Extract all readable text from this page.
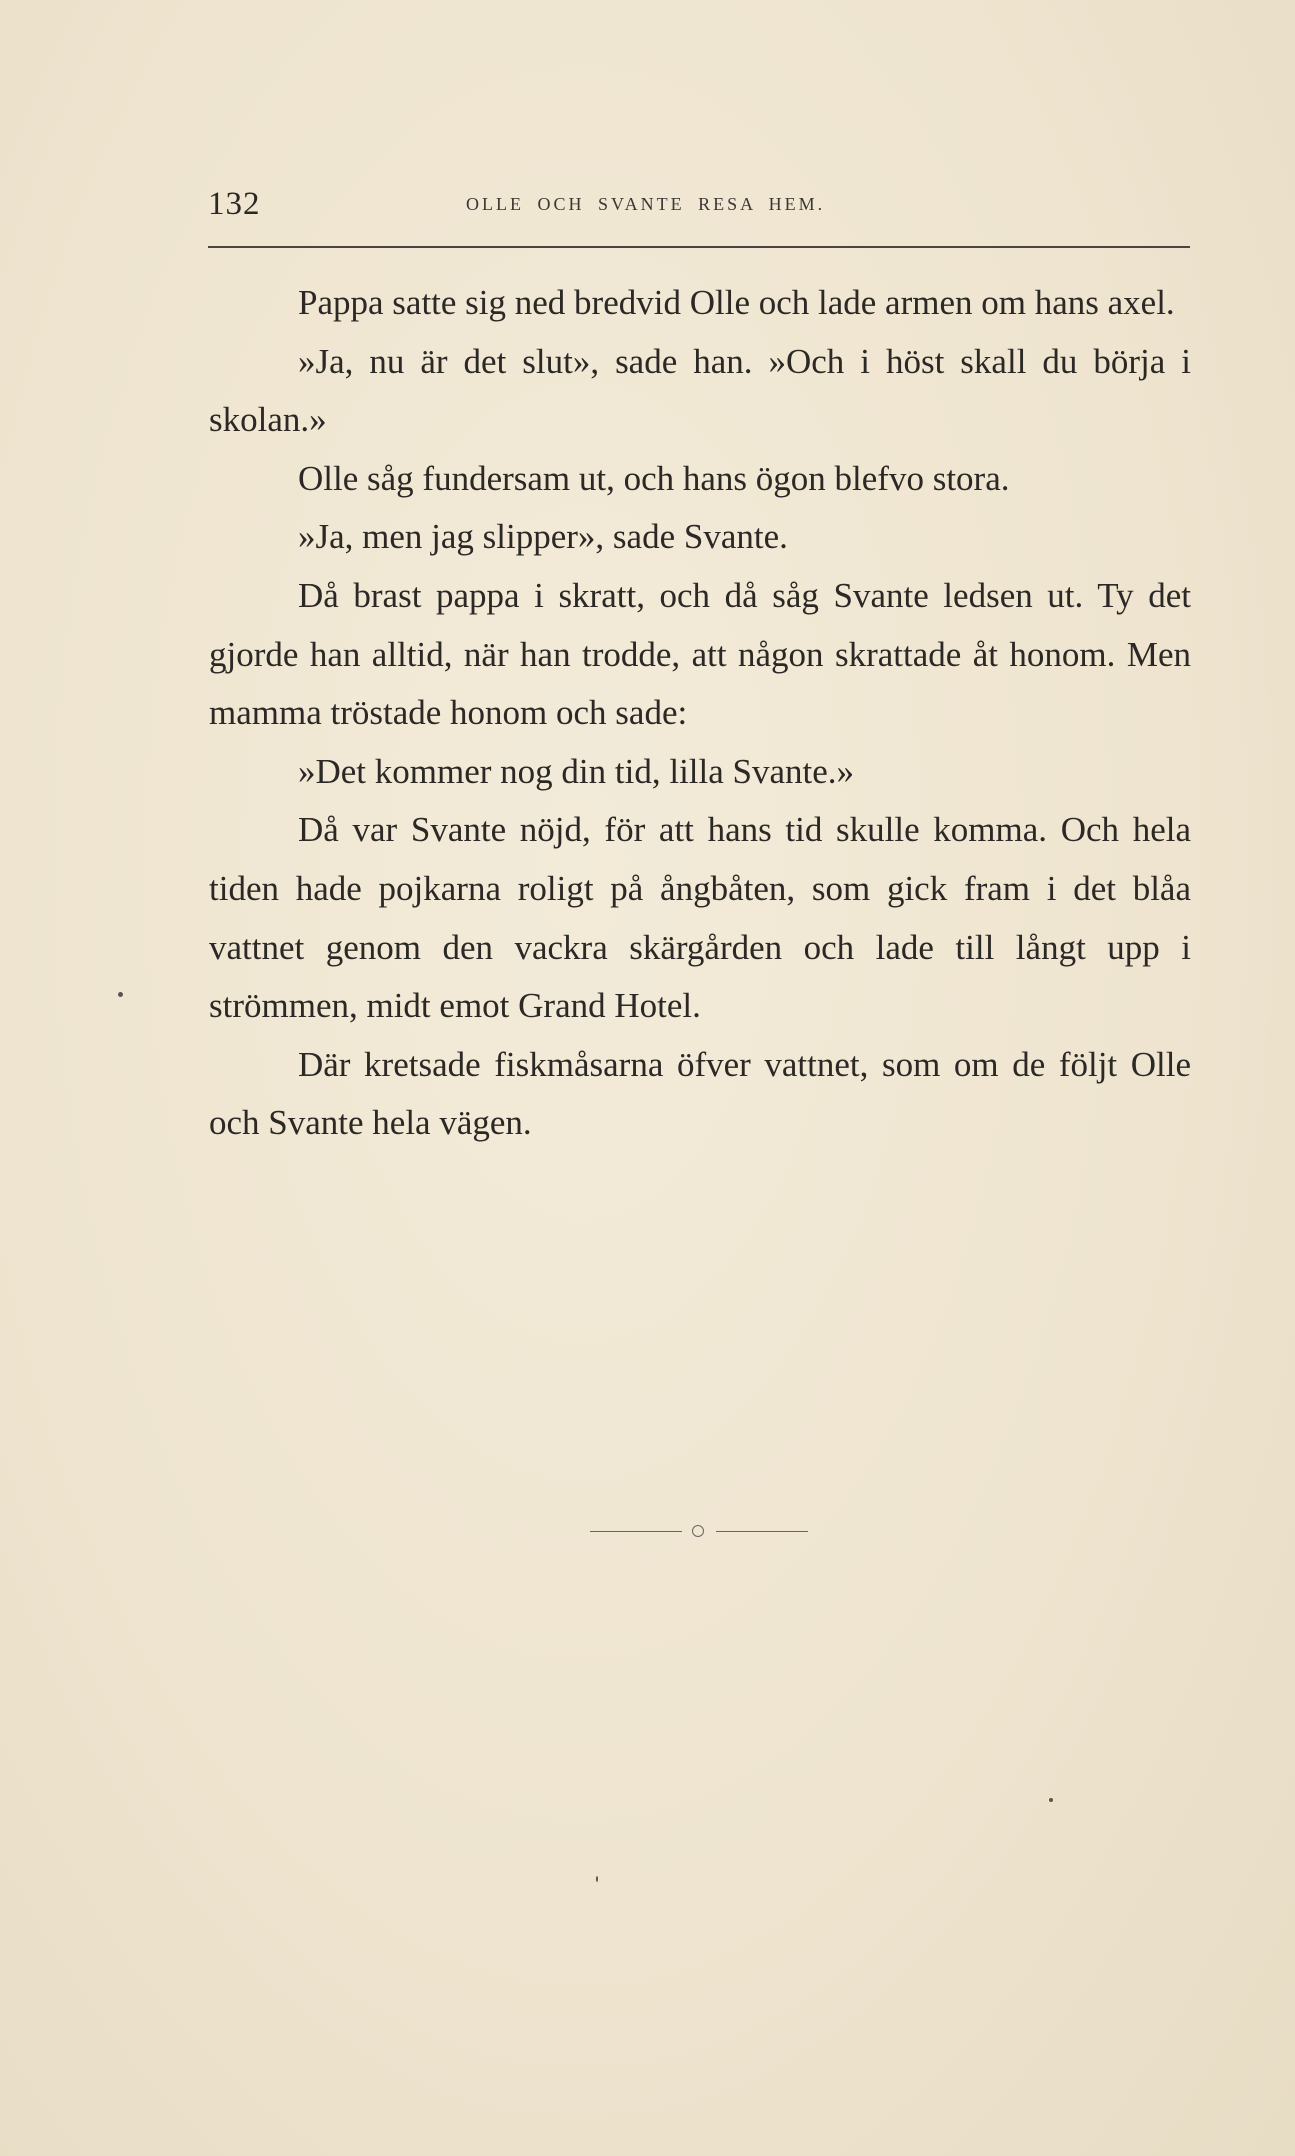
132	OLLE OCH SVANTE RESA HEM.

Pappa satte sig ned bredvid Olle och lade armen om hans axel.

»Ja, nu är det slut», sade han. »Och i höst skall du börja i skolan.»

Olle såg fundersam ut, och hans ögon blefvo stora.

»Ja, men jag slipper», sade Svante.

Då brast pappa i skratt, och då såg Svante ledsen ut. Ty det gjorde han alltid, när han trodde, att någon skrattade åt honom. Men mamma tröstade honom och sade:

»Det kommer nog din tid, lilla Svante.»

Då var Svante nöjd, för att hans tid skulle komma. Och hela tiden hade pojkarna roligt på ångbåten, som gick fram i det blåa vattnet genom den vackra skärgården och lade till långt upp i strömmen, midt emot Grand Hotel.

Där kretsade fiskmåsarna öfver vattnet, som om de följt Olle och Svante hela vägen.
